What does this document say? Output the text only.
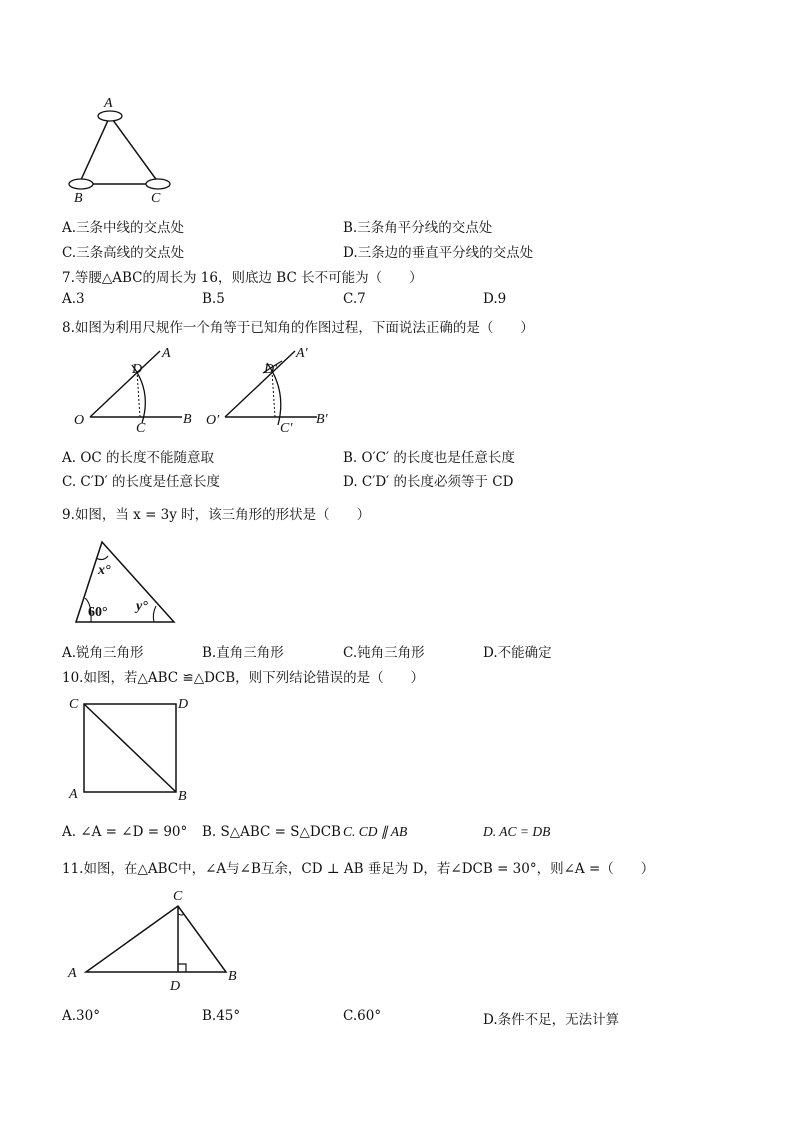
A
B	C
A.三条中线的交点处	B.三条角平分线的交点处
C.三条高线的交点处	D.三条边的垂直平分线的交点处
7.等腰△ABC的周长为 16，则底边 BC 长不可能为（　　）
A.3	B.5	C.7	D.9
8.如图为利用尺规作一个角等于已知角的作图过程，下面说法正确的是（　　）
A
D
O
C
B
A′
D′
O′
C′
B′
A. OC 的长度不能随意取	B. O′C′ 的长度也是任意长度
C. C′D′ 的长度是任意长度	D. C′D′ 的长度必须等于 CD
9.如图，当 x = 3y 时，该三角形的形状是（　　）
x°
60° y°
A.锐角三角形	B.直角三角形	C.钝角三角形	D.不能确定
10.如图，若△ABC ≌△DCB，则下列结论错误的是（　　）
C	D
A	B
A. ∠A = ∠D = 90° B. S△ABC = S△DCB C. CD ∥ AB	D. AC = DB
11.如图，在△ABC中，∠A与∠B互余，CD ⊥ AB 垂足为 D，若∠DCB = 30°，则∠A =（　　）
C
A
D
B
A.30°	B.45°	C.60°	D.条件不足，无法计算
